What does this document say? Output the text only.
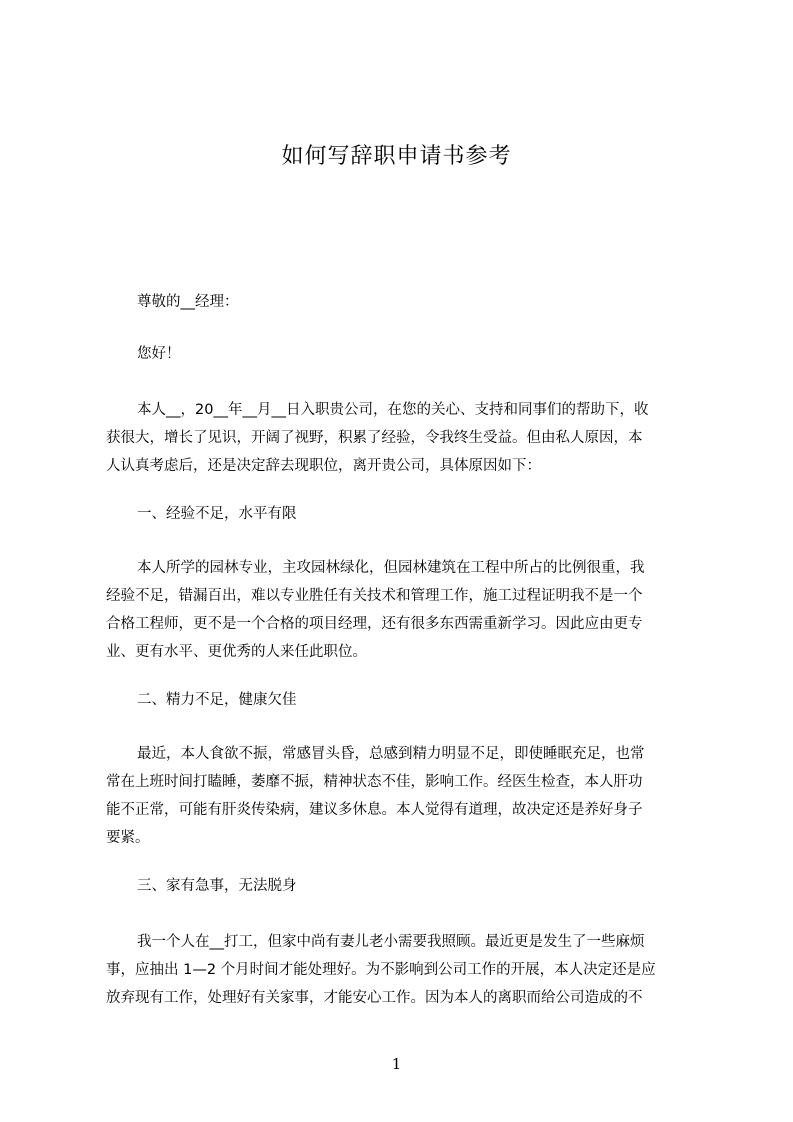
如何写辞职申请书参考
尊敬的__经理：
您好！
本人__，20__年__月__日入职贵公司，在您的关心、支持和同事们的帮助下，收
获很大，增长了见识，开阔了视野，积累了经验，令我终生受益。但由私人原因，本
人认真考虑后，还是决定辞去现职位，离开贵公司，具体原因如下：
一、经验不足，水平有限
本人所学的园林专业，主攻园林绿化，但园林建筑在工程中所占的比例很重，我
经验不足，错漏百出，难以专业胜任有关技术和管理工作，施工过程证明我不是一个
合格工程师，更不是一个合格的项目经理，还有很多东西需重新学习。因此应由更专
业、更有水平、更优秀的人来任此职位。
二、精力不足，健康欠佳
最近，本人食欲不振，常感冒头昏，总感到精力明显不足，即使睡眠充足，也常
常在上班时间打瞌睡，萎靡不振，精神状态不佳，影响工作。经医生检查，本人肝功
能不正常，可能有肝炎传染病，建议多休息。本人觉得有道理，故决定还是养好身子
要紧。
三、家有急事，无法脱身
我一个人在__打工，但家中尚有妻儿老小需要我照顾。最近更是发生了一些麻烦
事，应抽出 1—2 个月时间才能处理好。为不影响到公司工作的开展，本人决定还是应
放弃现有工作，处理好有关家事，才能安心工作。因为本人的离职而给公司造成的不
1
